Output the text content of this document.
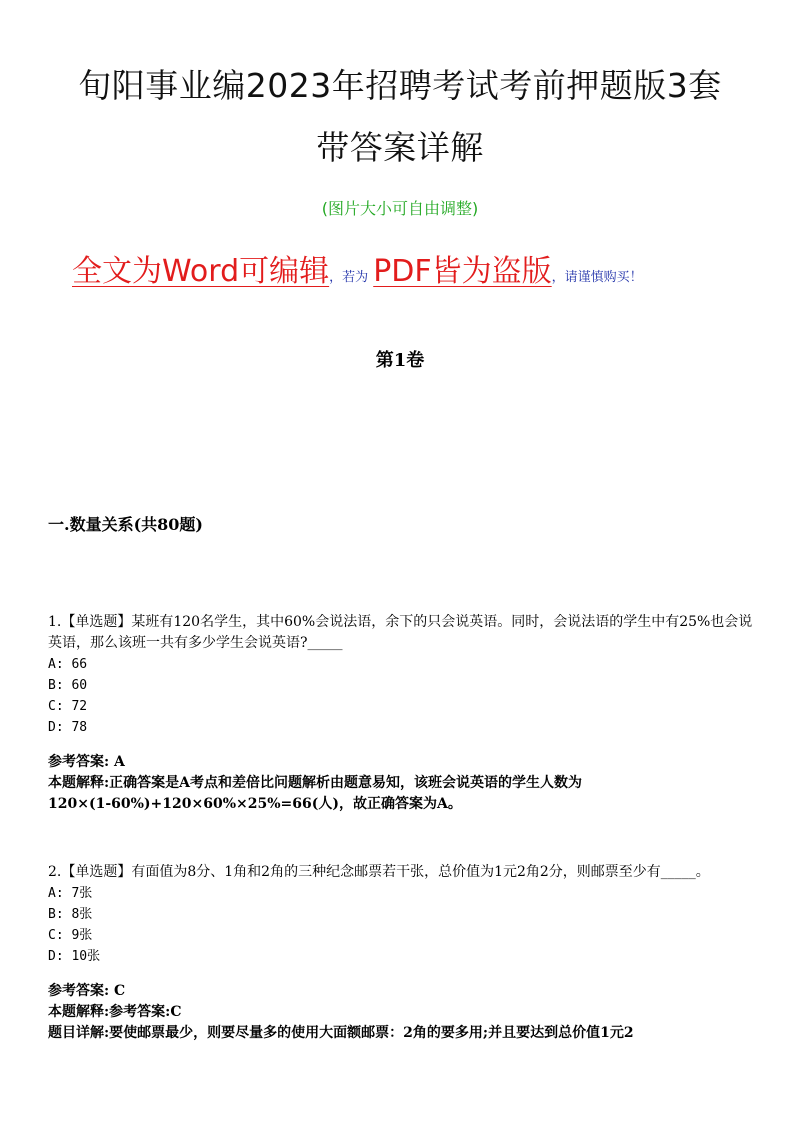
旬阳事业编2023年招聘考试考前押题版3套
带答案详解
(图片大小可自由调整)
全文为Word可编辑，若为 PDF皆为盗版，请谨慎购买！
第1卷
一.数量关系(共80题)

1.【单选题】某班有120名学生，其中60%会说法语，余下的只会说英语。同时，会说法语的学生中有25%也会说英语，那么该班一共有多少学生会说英语?_____

A: 66
B: 60
C: 72
D: 78
参考答案: A
本题解释:正确答案是A考点和差倍比问题解析由题意易知，该班会说英语的学生人数为
120×(1-60%)+120×60%×25%=66(人)，故正确答案为A。

2.【单选题】有面值为8分、1角和2角的三种纪念邮票若干张，总价值为1元2角2分，则邮票至少有_____。

A: 7张
B: 8张
C: 9张
D: 10张
参考答案: C
本题解释:参考答案:C
题目详解:要使邮票最少，则要尽量多的使用大面额邮票：2角的要多用;并且要达到总价值1元2
